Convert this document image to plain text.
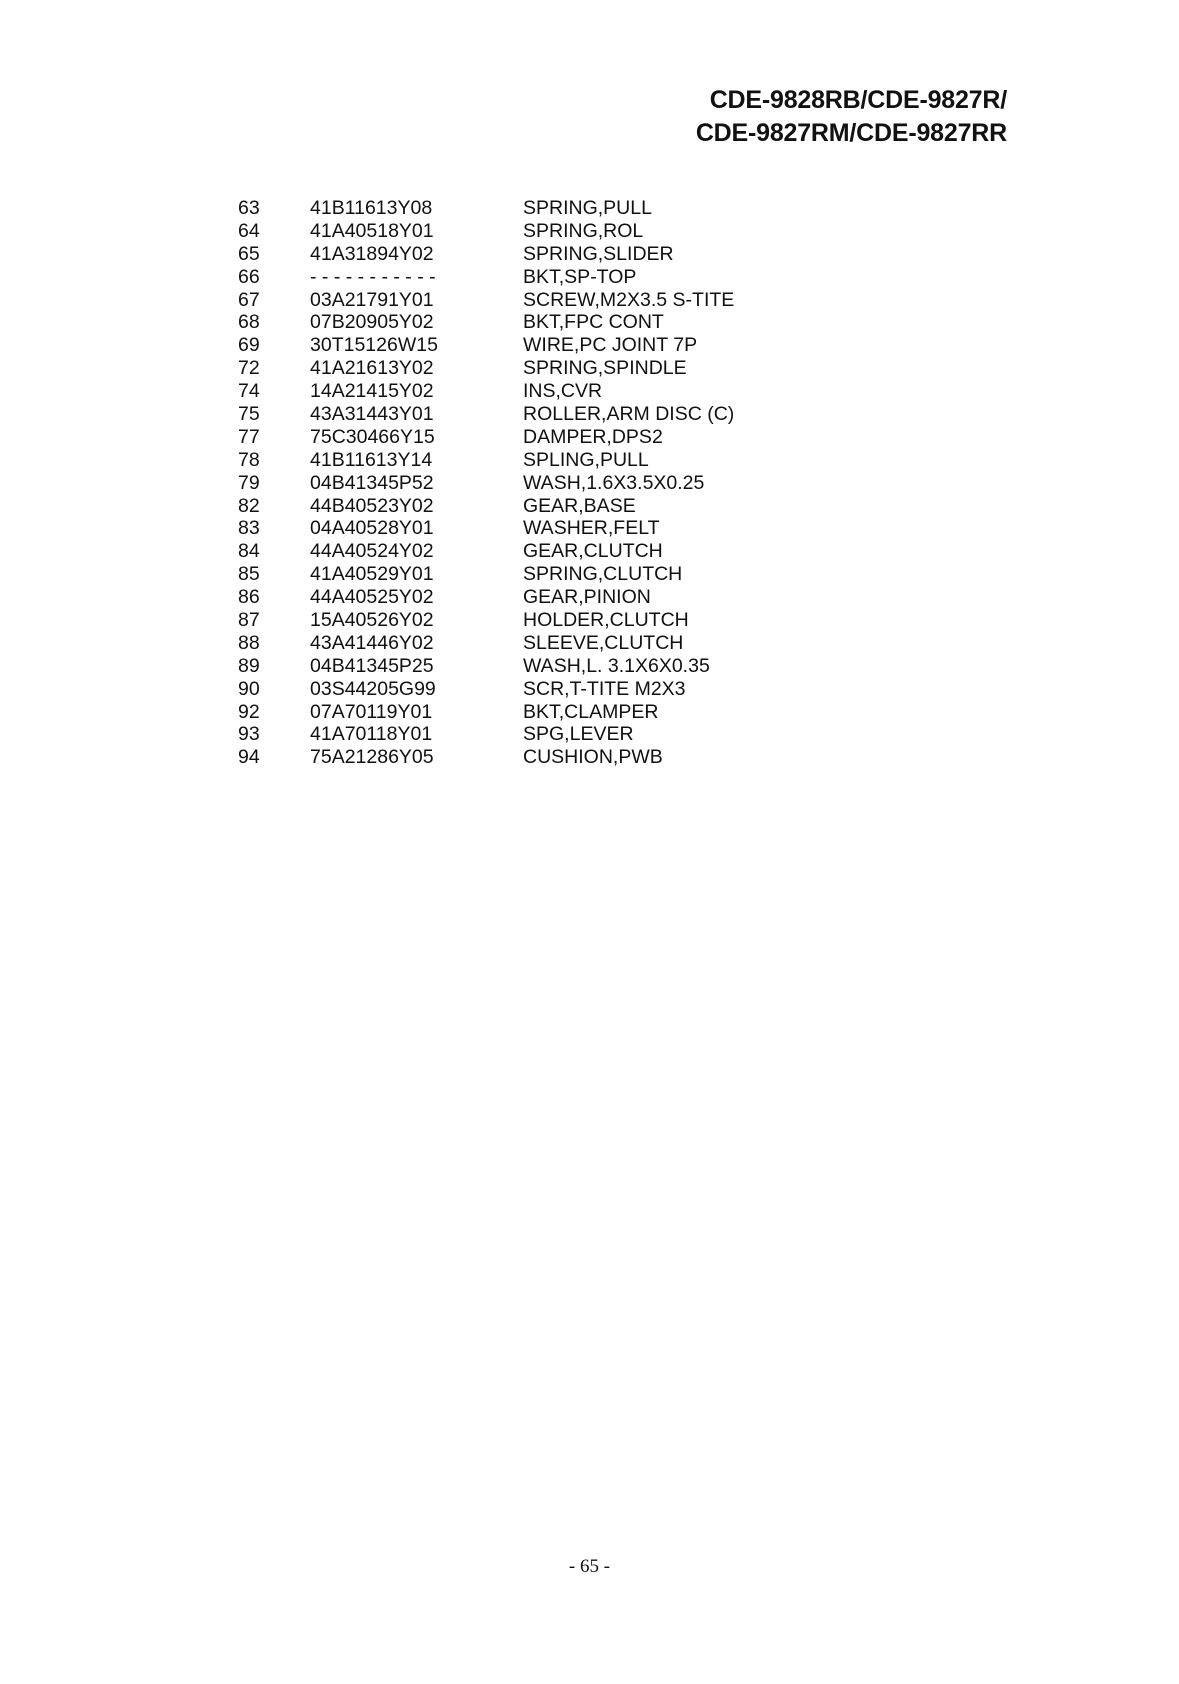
CDE-9828RB/CDE-9827R/
CDE-9827RM/CDE-9827RR
63	41B11613Y08	SPRING,PULL
64	41A40518Y01	SPRING,ROL
65	41A31894Y02	SPRING,SLIDER
66	- - - - - - - - - - -	BKT,SP-TOP
67	03A21791Y01	SCREW,M2X3.5 S-TITE
68	07B20905Y02	BKT,FPC CONT
69	30T15126W15	WIRE,PC JOINT 7P
72	41A21613Y02	SPRING,SPINDLE
74	14A21415Y02	INS,CVR
75	43A31443Y01	ROLLER,ARM DISC (C)
77	75C30466Y15	DAMPER,DPS2
78	41B11613Y14	SPLING,PULL
79	04B41345P52	WASH,1.6X3.5X0.25
82	44B40523Y02	GEAR,BASE
83	04A40528Y01	WASHER,FELT
84	44A40524Y02	GEAR,CLUTCH
85	41A40529Y01	SPRING,CLUTCH
86	44A40525Y02	GEAR,PINION
87	15A40526Y02	HOLDER,CLUTCH
88	43A41446Y02	SLEEVE,CLUTCH
89	04B41345P25	WASH,L. 3.1X6X0.35
90	03S44205G99	SCR,T-TITE M2X3
92	07A70119Y01	BKT,CLAMPER
93	41A70118Y01	SPG,LEVER
94	75A21286Y05	CUSHION,PWB
- 65 -
